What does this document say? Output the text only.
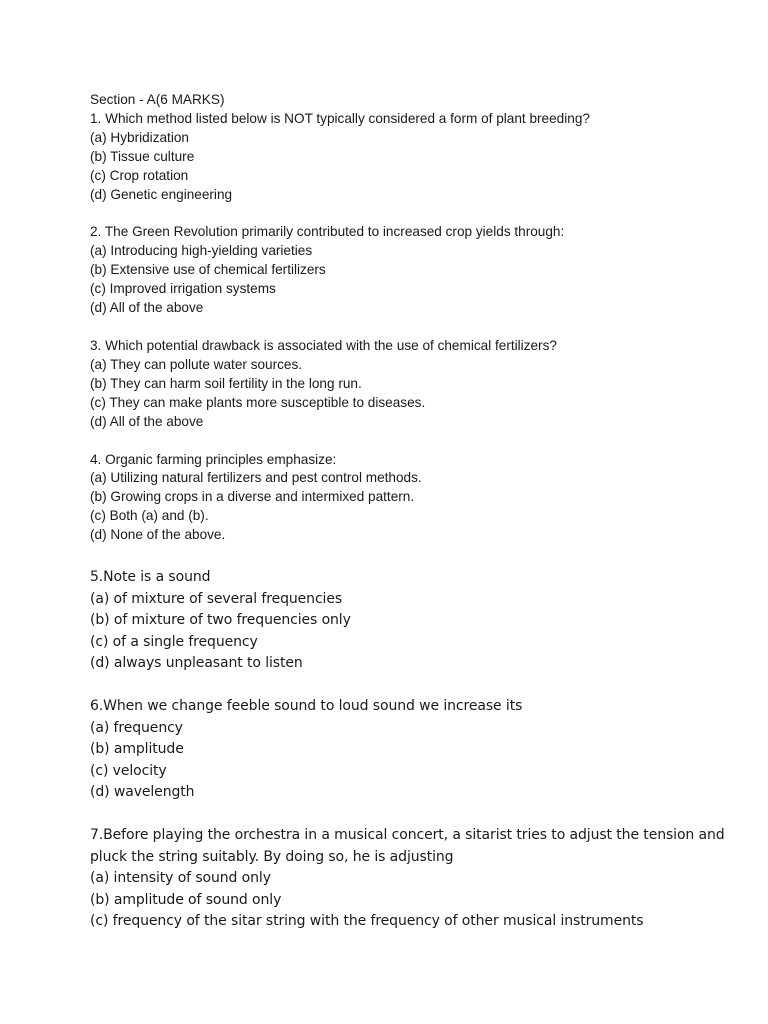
Section - A(6 MARKS)
1. Which method listed below is NOT typically considered a form of plant breeding?
(a) Hybridization
(b) Tissue culture
(c) Crop rotation
(d) Genetic engineering
2. The Green Revolution primarily contributed to increased crop yields through:
(a) Introducing high-yielding varieties
(b) Extensive use of chemical fertilizers
(c) Improved irrigation systems
(d) All of the above
3. Which potential drawback is associated with the use of chemical fertilizers?
(a) They can pollute water sources.
(b) They can harm soil fertility in the long run.
(c) They can make plants more susceptible to diseases.
(d) All of the above
4. Organic farming principles emphasize:
(a) Utilizing natural fertilizers and pest control methods.
(b) Growing crops in a diverse and intermixed pattern.
(c) Both (a) and (b).
(d) None of the above.
5.Note is a sound
(a) of mixture of several frequencies
(b) of mixture of two frequencies only
(c) of a single frequency
(d) always unpleasant to listen
6.When we change feeble sound to loud sound we increase its
(a) frequency
(b) amplitude
(c) velocity
(d) wavelength
7.Before playing the orchestra in a musical concert, a sitarist tries to adjust the tension and pluck the string suitably. By doing so, he is adjusting
(a) intensity of sound only
(b) amplitude of sound only
(c) frequency of the sitar string with the frequency of other musical instruments
